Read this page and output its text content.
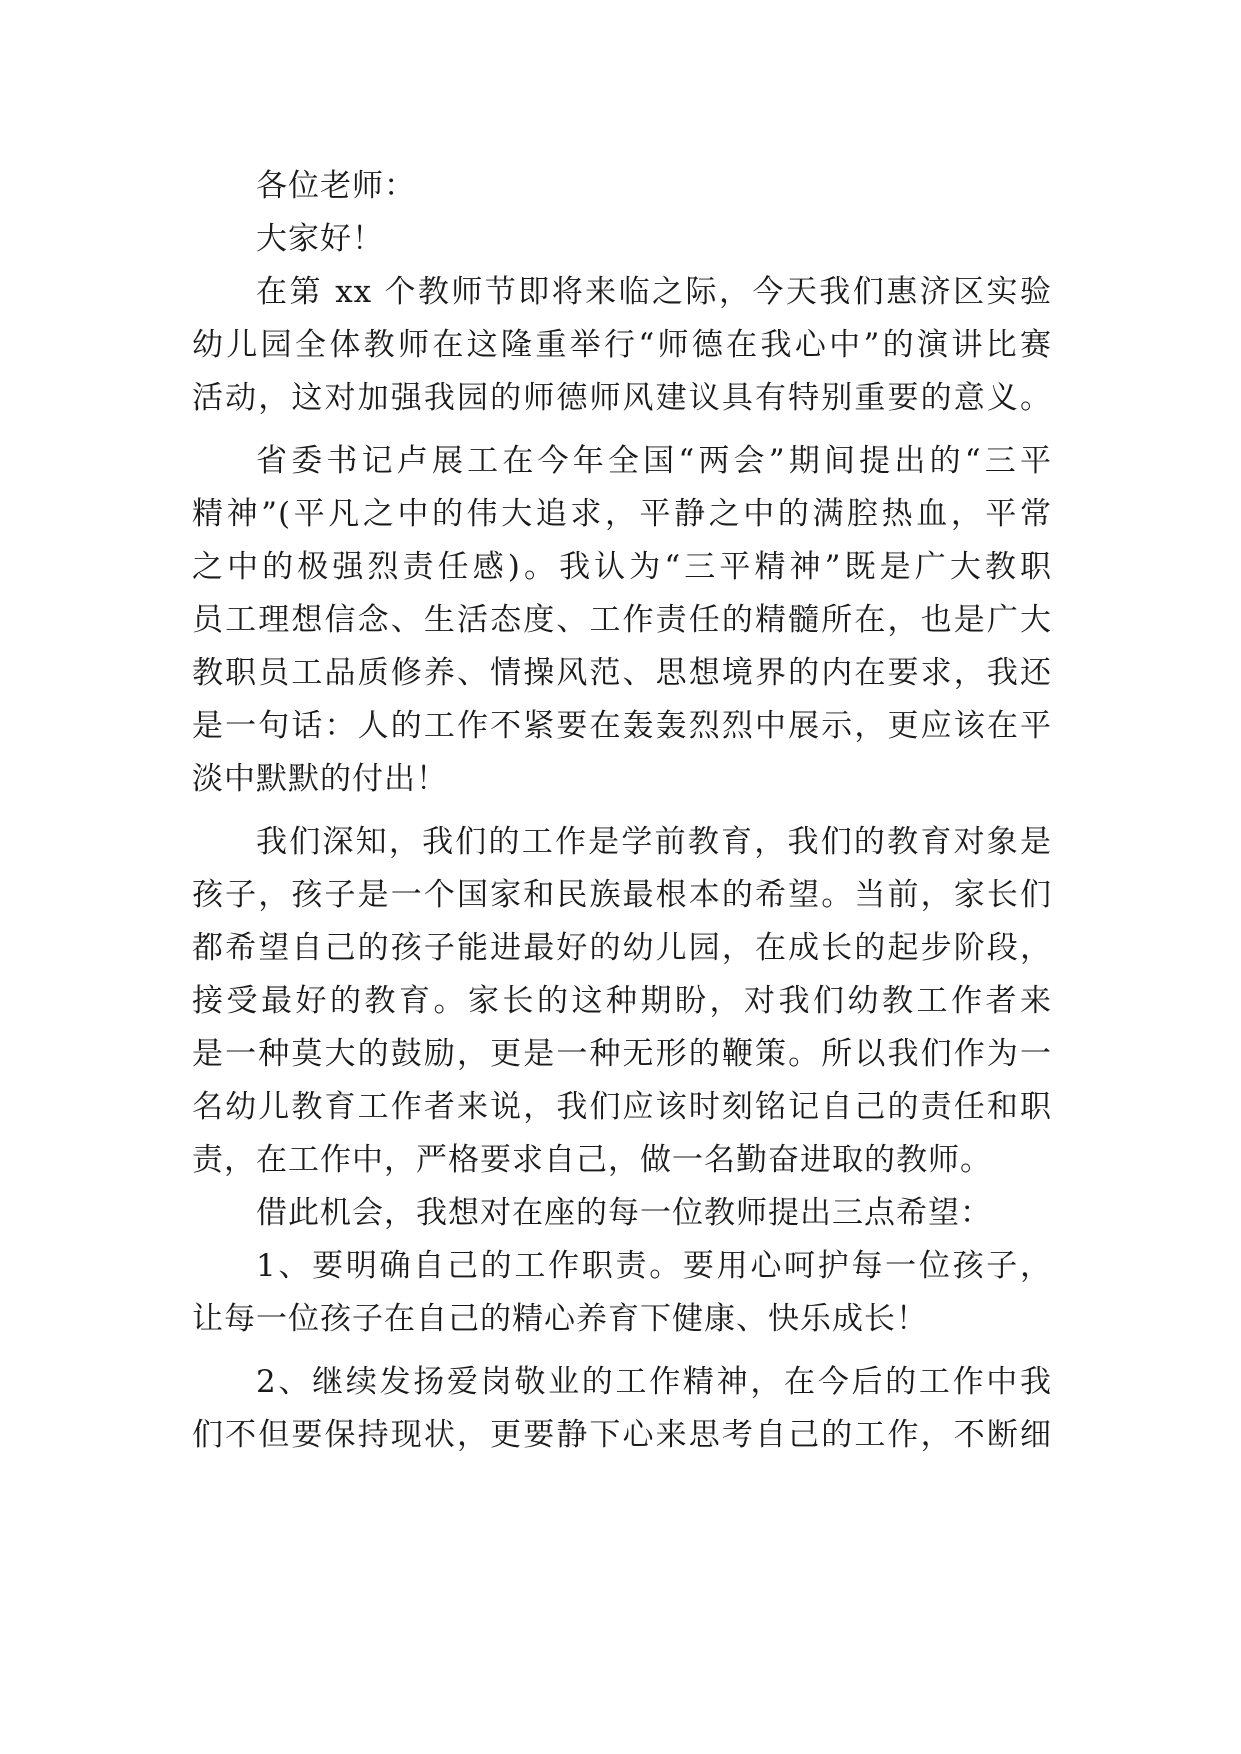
各位老师：
大家好！
在第 xx 个教师节即将来临之际，今天我们惠济区实验
幼儿园全体教师在这隆重举行“师德在我心中”的演讲比赛
活动，这对加强我园的师德师风建议具有特别重要的意义。
省委书记卢展工在今年全国“两会”期间提出的“三平
精神”(平凡之中的伟大追求，平静之中的满腔热血，平常
之中的极强烈责任感)。我认为“三平精神”既是广大教职
员工理想信念、生活态度、工作责任的精髓所在，也是广大
教职员工品质修养、情操风范、思想境界的内在要求，我还
是一句话：人的工作不紧要在轰轰烈烈中展示，更应该在平
淡中默默的付出！
我们深知，我们的工作是学前教育，我们的教育对象是
孩子，孩子是一个国家和民族最根本的希望。当前，家长们
都希望自己的孩子能进最好的幼儿园，在成长的起步阶段，
接受最好的教育。家长的这种期盼，对我们幼教工作者来
是一种莫大的鼓励，更是一种无形的鞭策。所以我们作为一
名幼儿教育工作者来说，我们应该时刻铭记自己的责任和职
责，在工作中，严格要求自己，做一名勤奋进取的教师。
借此机会，我想对在座的每一位教师提出三点希望：
1、要明确自己的工作职责。要用心呵护每一位孩子，
让每一位孩子在自己的精心养育下健康、快乐成长！
2、继续发扬爱岗敬业的工作精神，在今后的工作中我
们不但要保持现状，更要静下心来思考自己的工作，不断细
